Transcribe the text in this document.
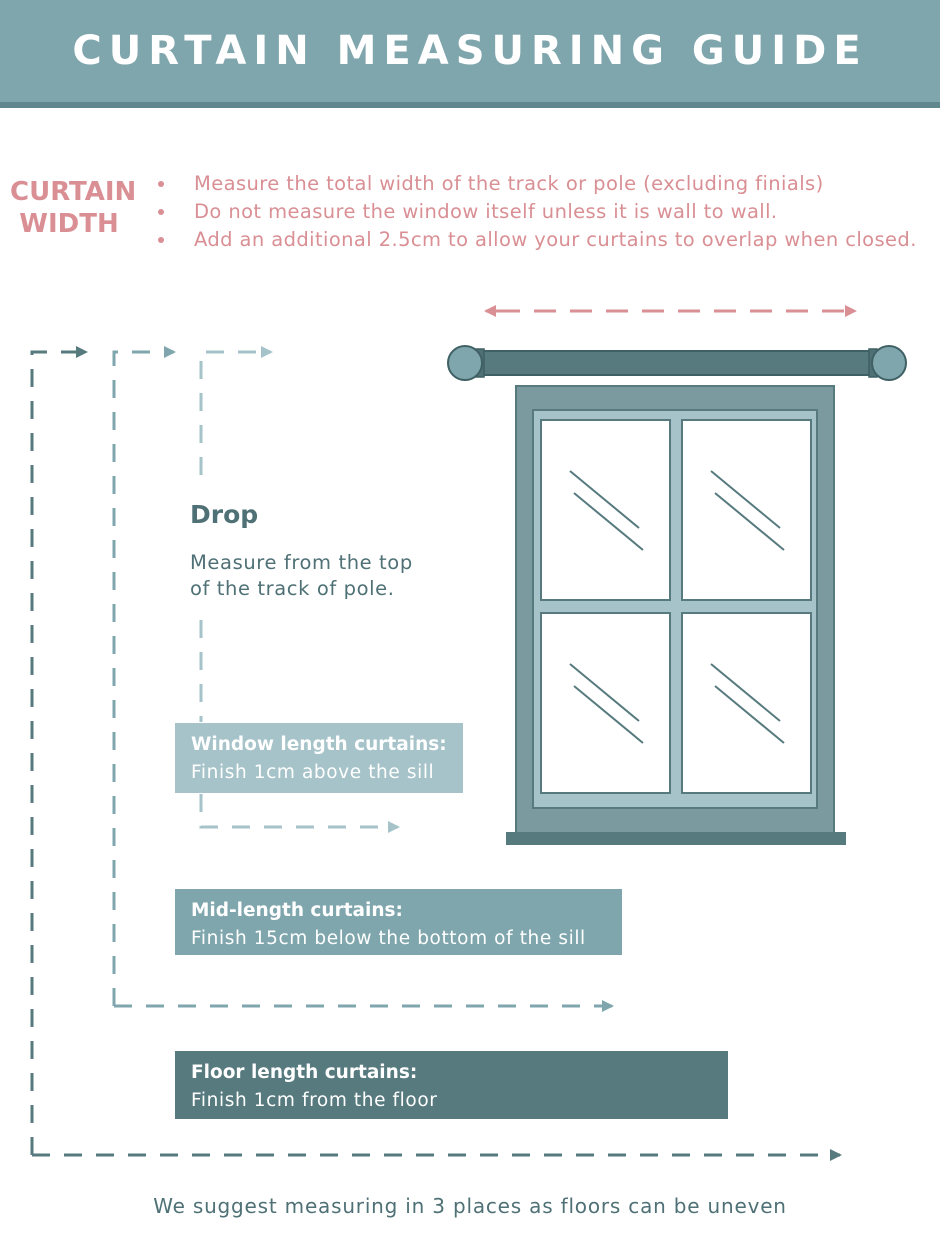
CURTAIN MEASURING GUIDE
CURTAIN
WIDTH
Measure the total width of the track or pole (excluding finials)
Do not measure the window itself unless it is wall to wall.
Add an additional 2.5cm to allow your curtains to overlap when closed.
Drop
Measure from the top
of the track of pole.
Window length curtains:
Finish 1cm above the sill
Mid-length curtains:
Finish 15cm below the bottom of the sill
Floor length curtains:
Finish 1cm from the floor
We suggest measuring in 3 places as floors can be uneven
